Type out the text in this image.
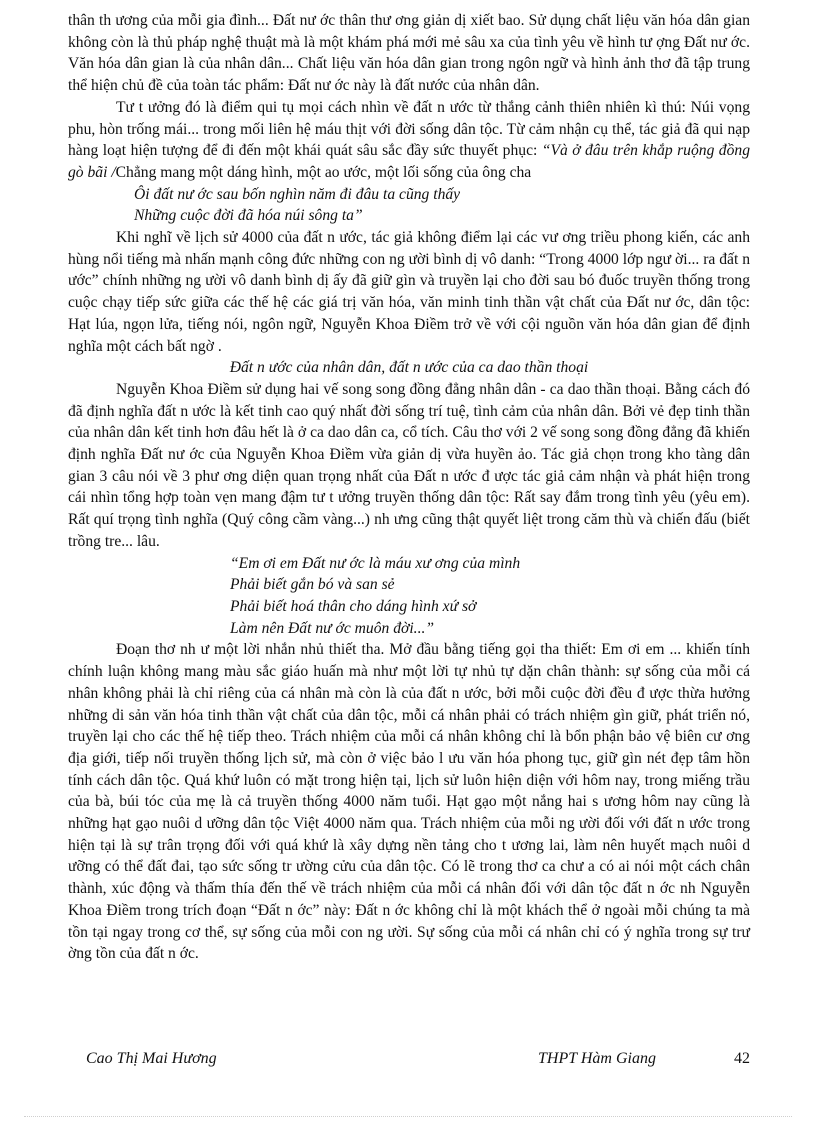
thân th ương của mỗi gia đình... Đất nư ớc thân thư ơng giản dị xiết bao. Sử dụng chất liệu văn hóa dân gian không còn là thủ pháp nghệ thuật mà là một khám phá mới mẻ sâu xa của tình yêu về hình tư ợng Đất nư ớc. Văn hóa dân gian là của nhân dân... Chất liệu văn hóa dân gian trong ngôn ngữ và hình ảnh thơ đã tập trung thể hiện chủ đề của toàn tác phẩm: Đất nư ớc này là đất nước của nhân dân.

Tư t ưởng đó là điểm qui tụ mọi cách nhìn về đất n ước từ thắng cảnh thiên nhiên kì thú: Núi vọng phu, hòn trống mái... trong mối liên hệ máu thịt với đời sống dân tộc. Từ cảm nhận cụ thể, tác giả đã qui nạp hàng loạt hiện tượng để đi đến một khái quát sâu sắc đầy sức thuyết phục: “Và ở đâu trên khắp ruộng đồng gò bãi /Chẳng mang một dáng hình, một ao ước, một lối sống của ông cha

Ôi đất nư ớc sau bốn nghìn năm đi đâu ta cũng thấy

Những cuộc đời đã hóa núi sông ta”

Khi nghĩ về lịch sử 4000 của đất n ước, tác giả không điểm lại các vư ơng triều phong kiến, các anh hùng nổi tiếng mà nhấn mạnh công đức những con ng ười bình dị vô danh: “Trong 4000 lớp ngư ời... ra đất n ước” chính những ng ười vô danh bình dị ấy đã giữ gìn và truyền lại cho đời sau bó đuốc truyền thống trong cuộc chạy tiếp sức giữa các thế hệ các giá trị văn hóa, văn minh tinh thần vật chất của Đất nư ớc, dân tộc: Hạt lúa, ngọn lửa, tiếng nói, ngôn ngữ, Nguyễn Khoa Điềm trở về với cội nguồn văn hóa dân gian để định nghĩa một cách bất ngờ .

Đất n ước của nhân dân, đất n ước của ca dao thần thoại

Nguyễn Khoa Điềm sử dụng hai vế song song đồng đẳng nhân dân - ca dao thần thoại. Bằng cách đó đã định nghĩa đất n ước là kết tinh cao quý nhất đời sống trí tuệ, tình cảm của nhân dân. Bởi vẻ đẹp tinh thần của nhân dân kết tinh hơn đâu hết là ở ca dao dân ca, cổ tích. Câu thơ với 2 vế song song đồng đẳng đã khiến định nghĩa Đất nư ớc của Nguyễn Khoa Điềm vừa giản dị vừa huyền ảo. Tác giả chọn trong kho tàng dân gian 3 câu nói về 3 phư ơng diện quan trọng nhất của Đất n ước đ ược tác giả cảm nhận và phát hiện trong cái nhìn tổng hợp toàn vẹn mang đậm tư t ưởng truyền thống dân tộc: Rất say đắm trong tình yêu (yêu em). Rất quí trọng tình nghĩa (Quý công cầm vàng...) nh ưng cũng thật quyết liệt trong căm thù và chiến đấu (biết trồng tre... lâu.

“Em ơi em Đất nư ớc là máu xư ơng của mình

Phải biết gắn bó và san sẻ

Phải biết hoá thân cho dáng hình xứ sở

Làm nên Đất nư ớc muôn đời...”

Đoạn thơ nh ư một lời nhắn nhủ thiết tha. Mở đầu bằng tiếng gọi tha thiết: Em ơi em ... khiến tính chính luận không mang màu sắc giáo huấn mà như một lời tự nhủ tự dặn chân thành: sự sống của mỗi cá nhân không phải là chỉ riêng của cá nhân mà còn là của đất n ước, bởi mỗi cuộc đời đều đ ược thừa hưởng những di sản văn hóa tinh thần vật chất của dân tộc, mỗi cá nhân phải có trách nhiệm gìn giữ, phát triển nó, truyền lại cho các thế hệ tiếp theo. Trách nhiệm của mỗi cá nhân không chỉ là bổn phận bảo vệ biên cư ơng địa giới, tiếp nối truyền thống lịch sử, mà còn ở việc bảo l ưu văn hóa phong tục, giữ gìn nét đẹp tâm hồn tính cách dân tộc. Quá khứ luôn có mặt trong hiện tại, lịch sử luôn hiện diện với hôm nay, trong miếng trầu của bà, búi tóc của mẹ là cả truyền thống 4000 năm tuổi. Hạt gạo một nắng hai s ương hôm nay cũng là những hạt gạo nuôi d ưỡng dân tộc Việt 4000 năm qua. Trách nhiệm của mỗi ng ười đối với đất n ước trong hiện tại là sự trân trọng đối với quá khứ là xây dựng nền tảng cho t ương lai, làm nên huyết mạch nuôi d ưỡng có thể đất đai, tạo sức sống tr ường cửu của dân tộc. Có lẽ trong thơ ca chư a có ai nói một cách chân thành, xúc động và thấm thía đến thế về trách nhiệm của mỗi cá nhân đối với dân tộc đất n ớc nh Nguyễn Khoa Điềm trong trích đoạn “Đất n ớc” này: Đất n ớc không chỉ là một khách thể ở ngoài mỗi chúng ta mà tồn tại ngay trong cơ thể, sự sống của mỗi con ng ười. Sự sống của mỗi cá nhân chỉ có ý nghĩa trong sự trư ờng tồn của đất n ớc.

Cao Thị Mai Hương	THPT Hàm Giang	42
